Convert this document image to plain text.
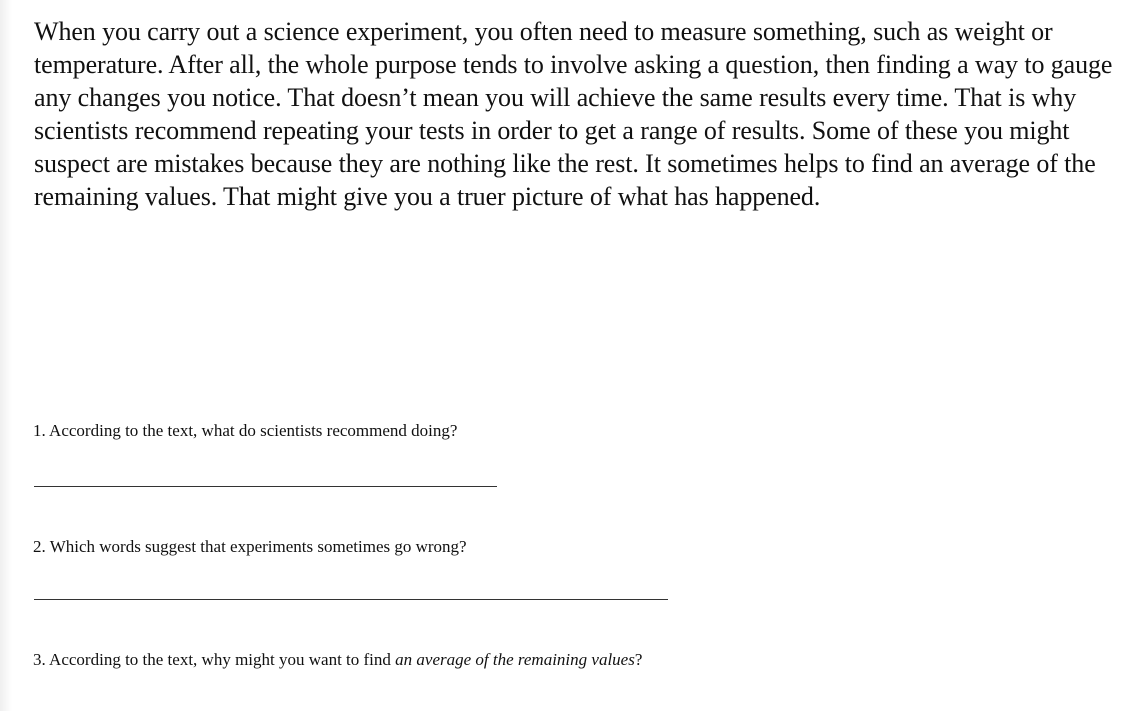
When you carry out a science experiment, you often need to measure something, such as weight or temperature. After all, the whole purpose tends to involve asking a question, then finding a way to gauge any changes you notice. That doesn’t mean you will achieve the same results every time. That is why scientists recommend repeating your tests in order to get a range of results. Some of these you might suspect are mistakes because they are nothing like the rest. It sometimes helps to find an average of the remaining values. That might give you a truer picture of what has happened.

1. According to the text, what do scientists recommend doing?

2. Which words suggest that experiments sometimes go wrong?

3. According to the text, why might you want to find an average of the remaining values?
